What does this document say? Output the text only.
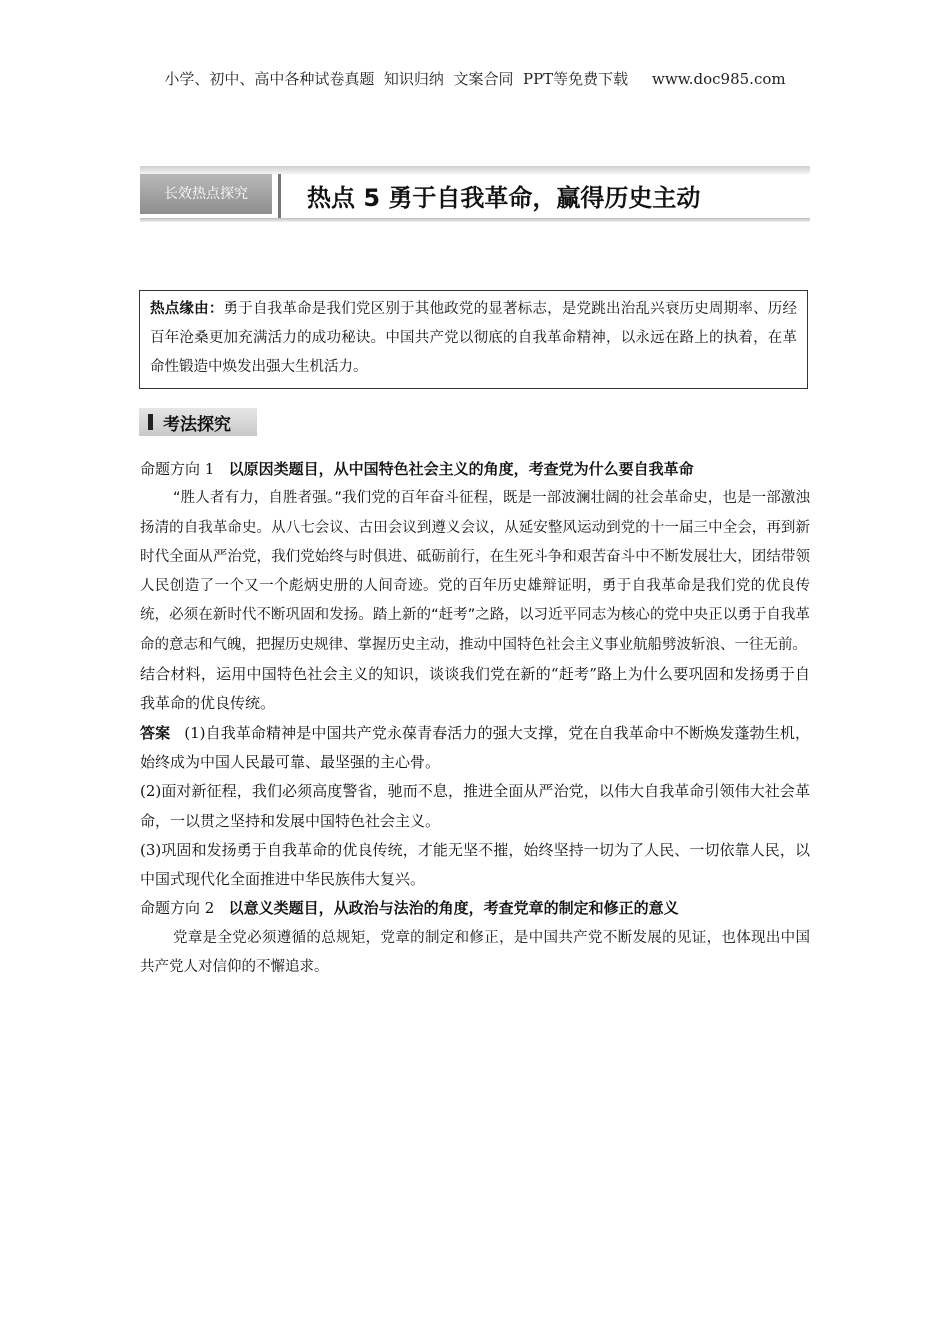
小学、初中、高中各种试卷真题  知识归纳  文案合同  PPT等免费下载     www.doc985.com
长效热点探究	热点 5 勇于自我革命，赢得历史主动
热点缘由：勇于自我革命是我们党区别于其他政党的显著标志，是党跳出治乱兴衰历史周期率、历经百年沧桑更加充满活力的成功秘诀。中国共产党以彻底的自我革命精神，以永远在路上的执着，在革命性锻造中焕发出强大生机活力。
考法探究

命题方向 1 以原因类题目，从中国特色社会主义的角度，考查党为什么要自我革命

“胜人者有力，自胜者强。”我们党的百年奋斗征程，既是一部波澜壮阔的社会革命史，也是一部激浊扬清的自我革命史。从八七会议、古田会议到遵义会议，从延安整风运动到党的十一届三中全会，再到新时代全面从严治党，我们党始终与时俱进、砥砺前行，在生死斗争和艰苦奋斗中不断发展壮大，团结带领人民创造了一个又一个彪炳史册的人间奇迹。党的百年历史雄辩证明，勇于自我革命是我们党的优良传统，必须在新时代不断巩固和发扬。踏上新的“赶考”之路，以习近平同志为核心的党中央正以勇于自我革命的意志和气魄，把握历史规律、掌握历史主动，推动中国特色社会主义事业航船劈波斩浪、一往无前。

结合材料，运用中国特色社会主义的知识，谈谈我们党在新的“赶考”路上为什么要巩固和发扬勇于自我革命的优良传统。

答案 (1)自我革命精神是中国共产党永葆青春活力的强大支撑，党在自我革命中不断焕发蓬勃生机，始终成为中国人民最可靠、最坚强的主心骨。

(2)面对新征程，我们必须高度警省，驰而不息，推进全面从严治党，以伟大自我革命引领伟大社会革命，一以贯之坚持和发展中国特色社会主义。

(3)巩固和发扬勇于自我革命的优良传统，才能无坚不摧，始终坚持一切为了人民、一切依靠人民，以中国式现代化全面推进中华民族伟大复兴。

命题方向 2 以意义类题目，从政治与法治的角度，考查党章的制定和修正的意义

党章是全党必须遵循的总规矩，党章的制定和修正，是中国共产党不断发展的见证，也体现出中国共产党人对信仰的不懈追求。
